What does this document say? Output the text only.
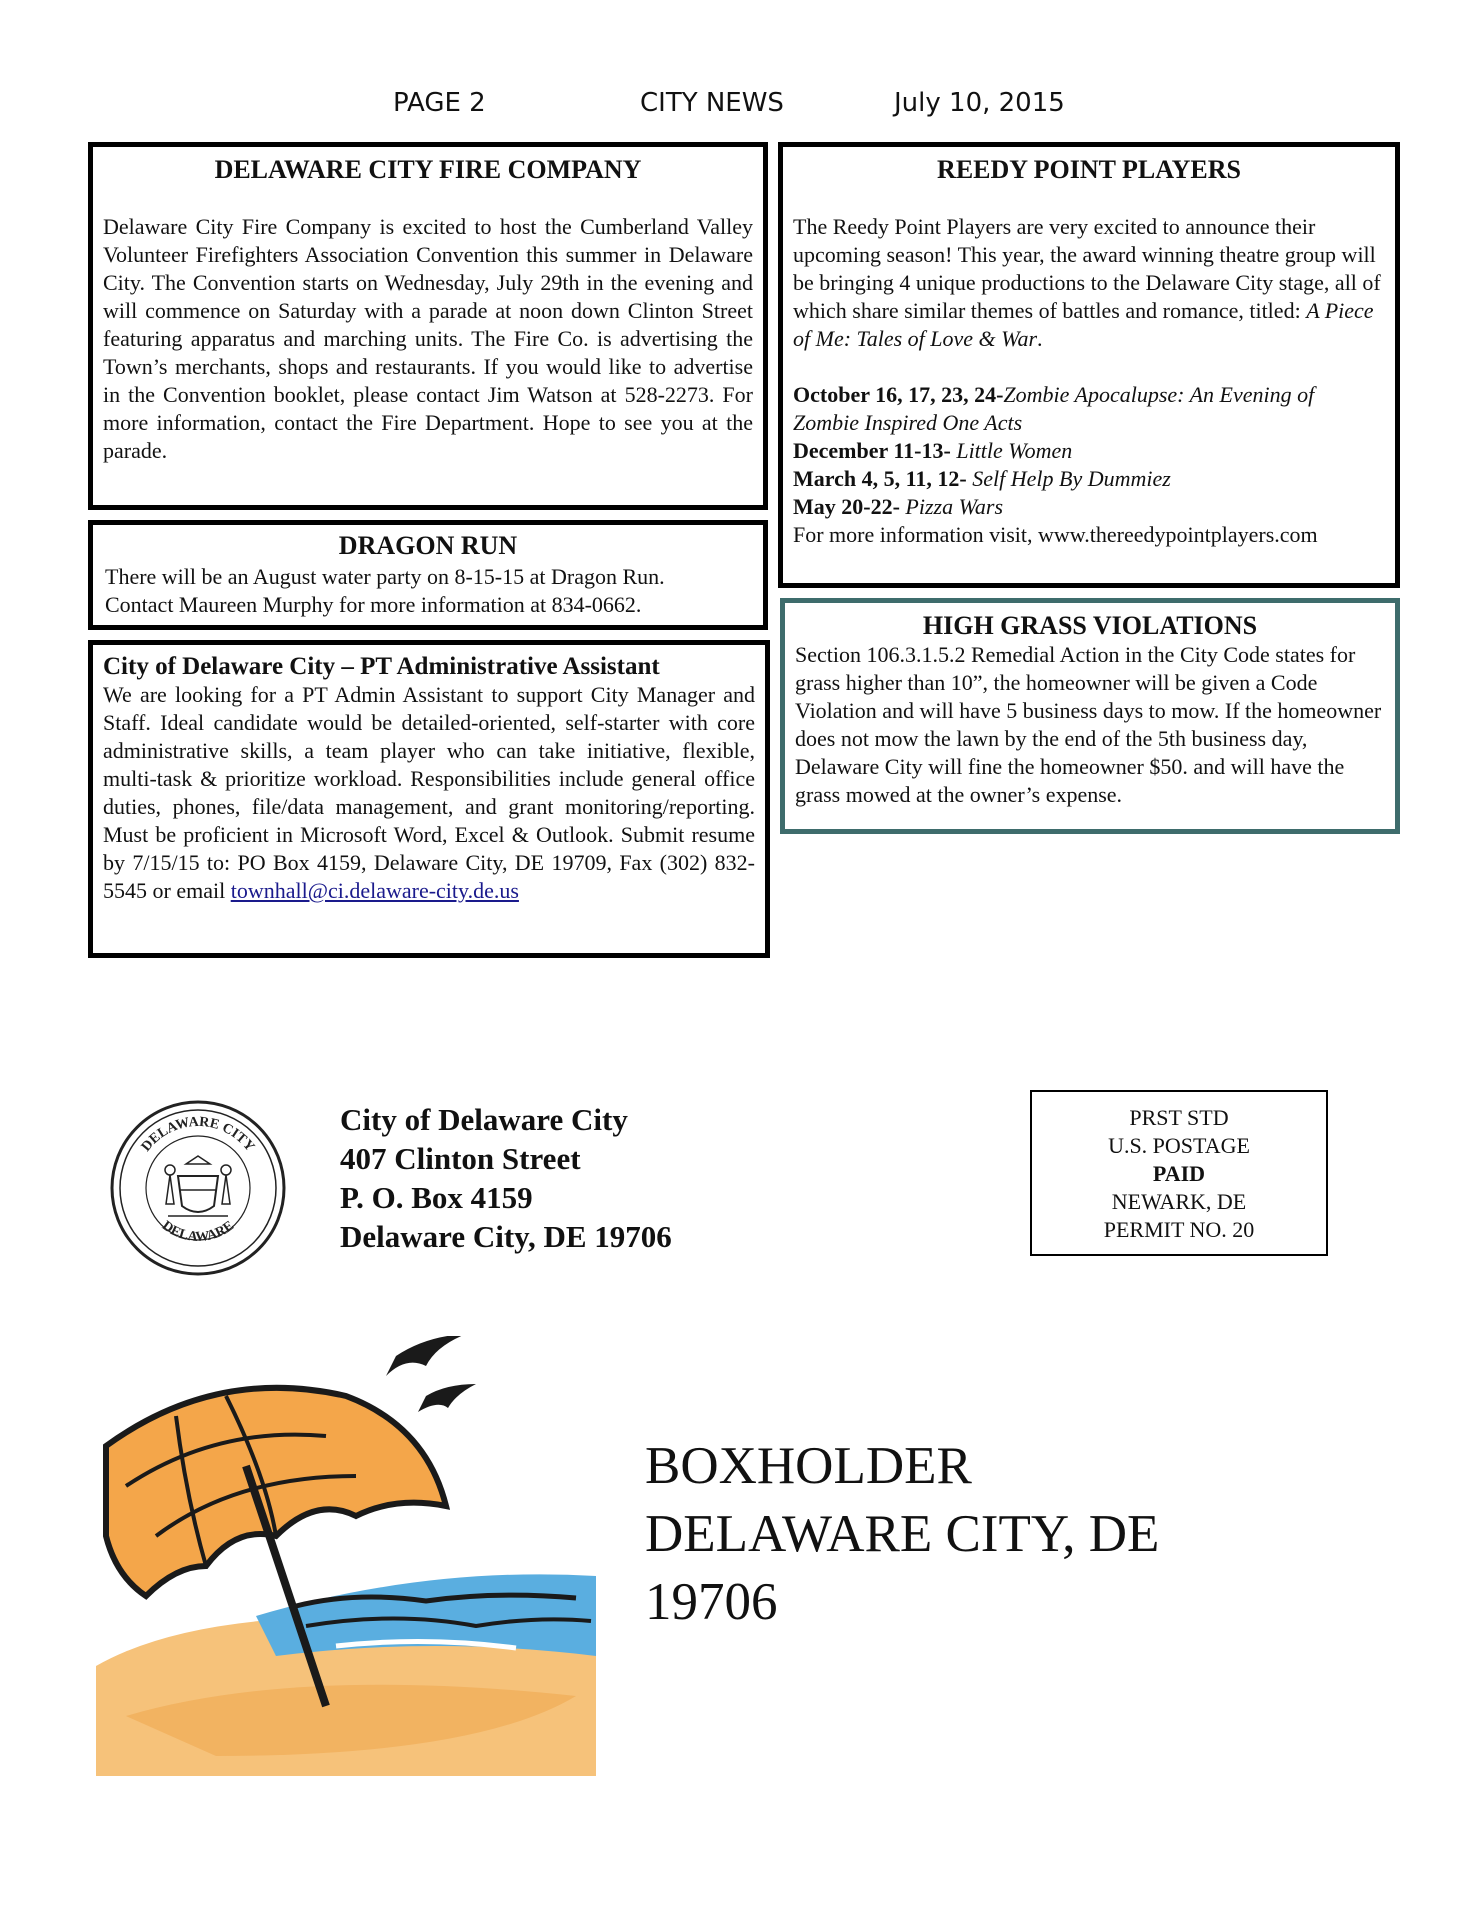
PAGE 2	CITY NEWS	July 10, 2015
DELAWARE CITY FIRE COMPANY

Delaware City Fire Company is excited to host the Cumberland Valley Volunteer Firefighters Association Convention this summer in Delaware City. The Convention starts on Wednesday, July 29th in the evening and will commence on Saturday with a parade at noon down Clinton Street featuring apparatus and marching units. The Fire Co. is advertising the Town’s merchants, shops and restaurants. If you would like to advertise in the Convention booklet, please contact Jim Watson at 528-2273. For more information, contact the Fire Department. Hope to see you at the parade.

DRAGON RUN

There will be an August water party on 8-15-15 at Dragon Run.

Contact Maureen Murphy for more information at 834-0662.

City of Delaware City – PT Administrative Assistant

We are looking for a PT Admin Assistant to support City Manager and Staff. Ideal candidate would be detailed-oriented, self-starter with core administrative skills, a team player who can take initiative, flexible, multi-task & prioritize workload. Responsibilities include general office duties, phones, file/data management, and grant monitoring/reporting. Must be proficient in Microsoft Word, Excel & Outlook. Submit resume by 7/15/15 to: PO Box 4159, Delaware City, DE 19709, Fax (302) 832-5545 or email townhall@ci.delaware-city.de.us

REEDY POINT PLAYERS

The Reedy Point Players are very excited to announce their upcoming season! This year, the award winning theatre group will be bringing 4 unique productions to the Delaware City stage, all of which share similar themes of battles and romance, titled: A Piece of Me: Tales of Love & War.

October 16, 17, 23, 24-Zombie Apocalupse: An Evening of Zombie Inspired One Acts

December 11-13- Little Women

March 4, 5, 11, 12- Self Help By Dummiez

May 20-22- Pizza Wars

For more information visit, www.thereedypointplayers.com

HIGH GRASS VIOLATIONS

Section 106.3.1.5.2 Remedial Action in the City Code states for grass higher than 10”, the homeowner will be given a Code Violation and will have 5 business days to mow. If the homeowner does not mow the lawn by the end of the 5th business day, Delaware City will fine the homeowner $50. and will have the grass mowed at the owner’s expense.

DELAWARE CITY
DELAWARE
City of Delaware City
407 Clinton Street
P. O. Box 4159
Delaware City, DE 19706
PRST STD
U.S. POSTAGE
PAID
NEWARK, DE
PERMIT NO. 20
BOXHOLDER
DELAWARE CITY, DE
19706
